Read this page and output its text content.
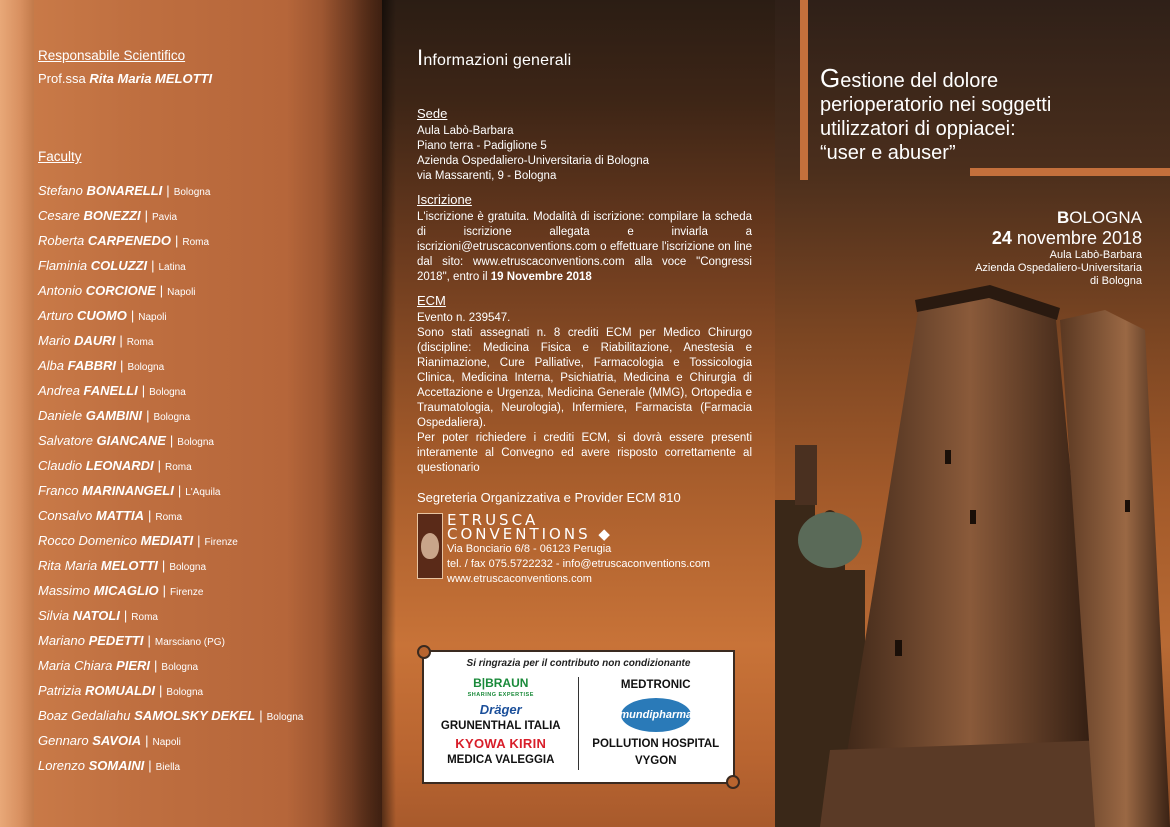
Responsabile Scientifico
Prof.ssa Rita Maria MELOTTI
Faculty
Stefano BONARELLI | Bologna
Cesare BONEZZI | Pavia
Roberta CARPENEDO | Roma
Flaminia COLUZZI | Latina
Antonio CORCIONE | Napoli
Arturo CUOMO | Napoli
Mario DAURI | Roma
Alba FABBRI | Bologna
Andrea FANELLI | Bologna
Daniele GAMBINI | Bologna
Salvatore GIANCANE | Bologna
Claudio LEONARDI | Roma
Franco MARINANGELI | L'Aquila
Consalvo MATTIA | Roma
Rocco Domenico MEDIATI | Firenze
Rita Maria MELOTTI | Bologna
Massimo MICAGLIO | Firenze
Silvia NATOLI | Roma
Mariano PEDETTI | Marsciano (PG)
Maria Chiara PIERI | Bologna
Patrizia ROMUALDI | Bologna
Boaz Gedaliahu SAMOLSKY DEKEL | Bologna
Gennaro SAVOIA | Napoli
Lorenzo SOMAINI | Biella
Informazioni generali
Sede
Aula Labò-Barbara
Piano terra - Padiglione 5
Azienda Ospedaliero-Universitaria di Bologna
via Massarenti, 9 - Bologna
Iscrizione
L'iscrizione è gratuita. Modalità di iscrizione: compilare la scheda di iscrizione allegata e inviarla a iscrizioni@etruscaconventions.com o effettuare l'iscrizione on line dal sito: www.etruscaconventions.com alla voce "Congressi 2018", entro il 19 Novembre 2018
ECM
Evento n. 239547.
Sono stati assegnati n. 8 crediti ECM per Medico Chirurgo (discipline: Medicina Fisica e Riabilitazione, Anestesia e Rianimazione, Cure Palliative, Farmacologia e Tossicologia Clinica, Medicina Interna, Psichiatria, Medicina e Chirurgia di Accettazione e Urgenza, Medicina Generale (MMG), Ortopedia e Traumatologia, Neurologia), Infermiere, Farmacista (Farmacia Ospedaliera).
Per poter richiedere i crediti ECM, si dovrà essere presenti interamente al Convegno ed avere risposto correttamente al questionario
Segreteria Organizzativa e Provider ECM 810
ETRUSCA
CONVENTIONS ◆
Via Bonciario 6/8 - 06123 Perugia
tel. / fax 075.5722232 - info@etruscaconventions.com
www.etruscaconventions.com
Si ringrazia per il contributo non condizionante
B|BRAUN
SHARING EXPERTISE
Dräger
GRUNENTHAL ITALIA
KYOWA KIRIN
MEDICA VALEGGIA
MEDTRONIC
mundipharma
POLLUTION HOSPITAL
VYGON
Gestione del dolore
perioperatorio nei soggetti
utilizzatori di oppiacei:
“user e abuser”
BOLOGNA
24 novembre 2018
Aula Labò-Barbara
Azienda Ospedaliero-Universitaria
di Bologna
